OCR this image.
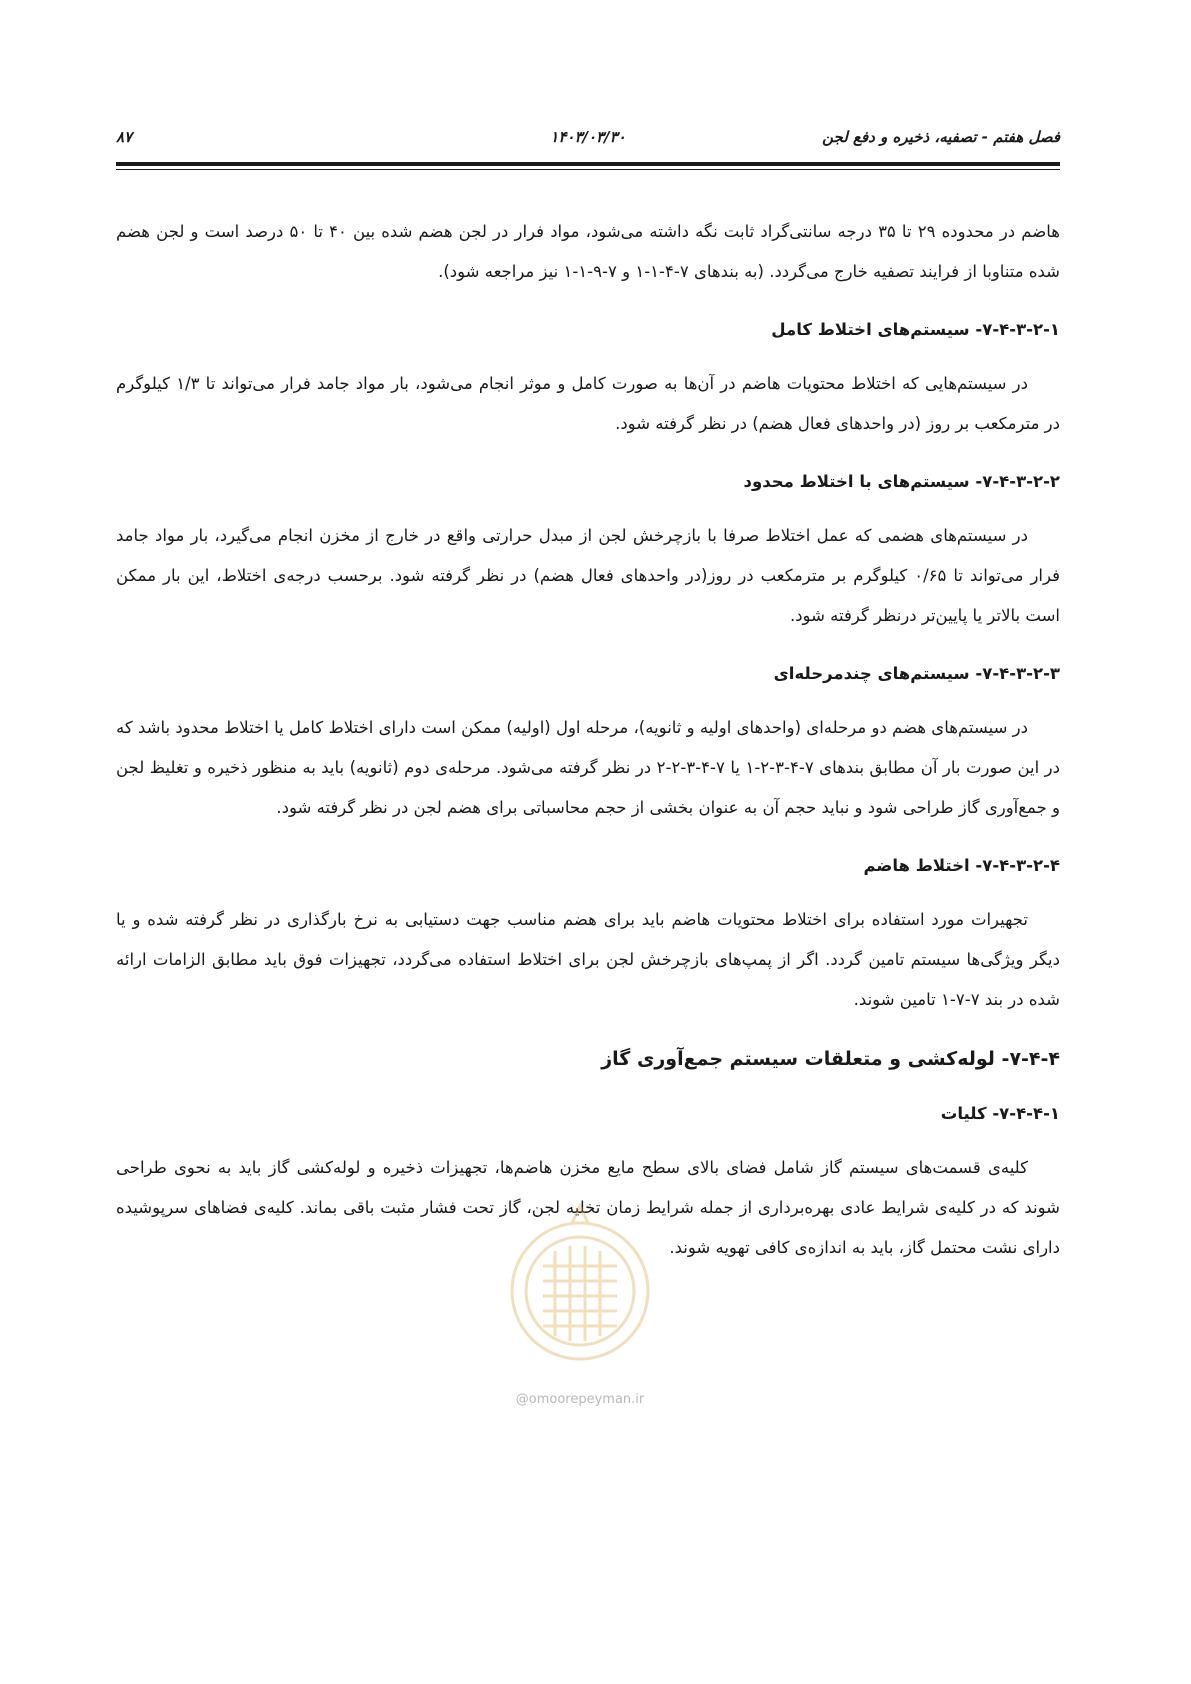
فصل هفتم - تصفیه، ذخیره و دفع لجن
۱۴۰۳/۰۳/۳۰
۸۷

هاضم در محدوده ۲۹ تا ۳۵ درجه سانتی‌گراد ثابت نگه داشته می‌شود، مواد فرار در لجن هضم شده بین ۴۰ تا ۵۰ درصد است و لجن هضم شده متناوبا از فرایند تصفیه خارج می‌گردد. (به بندهای ۷-۴-۱-۱ و ۷-۹-۱-۱ نیز مراجعه شود).

۷-۴-۳-۲-۱- سیستم‌های اختلاط کامل

در سیستم‌هایی که اختلاط محتویات هاضم در آن‌ها به صورت کامل و موثر انجام می‌شود، بار مواد جامد فرار می‌تواند تا ۱/۳ کیلوگرم در مترمکعب بر روز (در واحدهای فعال هضم) در نظر گرفته شود.

۷-۴-۳-۲-۲- سیستم‌های با اختلاط محدود

در سیستم‌های هضمی که عمل اختلاط صرفا با بازچرخش لجن از مبدل حرارتی واقع در خارج از مخزن انجام می‌گیرد، بار مواد جامد فرار می‌تواند تا ۰/۶۵ کیلوگرم بر مترمکعب در روز(در واحدهای فعال هضم) در نظر گرفته شود. برحسب درجه‌ی اختلاط، این بار ممکن است بالاتر یا پایین‌تر درنظر گرفته شود.

۷-۴-۳-۲-۳- سیستم‌های چندمرحله‌ای

در سیستم‌های هضم دو مرحله‌ای (واحدهای اولیه و ثانویه)، مرحله اول (اولیه) ممکن است دارای اختلاط کامل یا اختلاط محدود باشد که در این صورت بار آن مطابق بندهای ۷-۴-۳-۲-۱ یا ۷-۴-۳-۲-۲ در نظر گرفته می‌شود. مرحله‌ی دوم (ثانویه) باید به منظور ذخیره و تغلیظ لجن و جمع‌آوری گاز طراحی شود و نباید حجم آن به عنوان بخشی از حجم محاسباتی برای هضم لجن در نظر گرفته شود.

۷-۴-۳-۲-۴- اختلاط هاضم

تجهیرات مورد استفاده برای اختلاط محتویات هاضم باید برای هضم مناسب جهت دستیابی به نرخ بارگذاری در نظر گرفته شده و یا دیگر ویژگی‌ها سیستم تامین گردد. اگر از پمپ‌های بازچرخش لجن برای اختلاط استفاده می‌گردد، تجهیزات فوق باید مطابق الزامات ارائه شده در بند ۷-۷-۱ تامین شوند.

۷-۴-۴- لوله‌کشی و متعلقات سیستم جمع‌آوری گاز
۷-۴-۴-۱- کلیات

کلیه‌ی قسمت‌های سیستم گاز شامل فضای بالای سطح مایع مخزن هاضم‌ها، تجهیزات ذخیره و لوله‌کشی گاز باید به نحوی طراحی شوند که در کلیه‌ی شرایط عادی بهره‌برداری از جمله شرایط زمان تخلیه لجن، گاز تحت فشار مثبت باقی بماند. کلیه‌ی فضاهای سرپوشیده دارای نشت محتمل گاز، باید به اندازه‌ی کافی تهویه شوند.

@omoorepeyman.ir
